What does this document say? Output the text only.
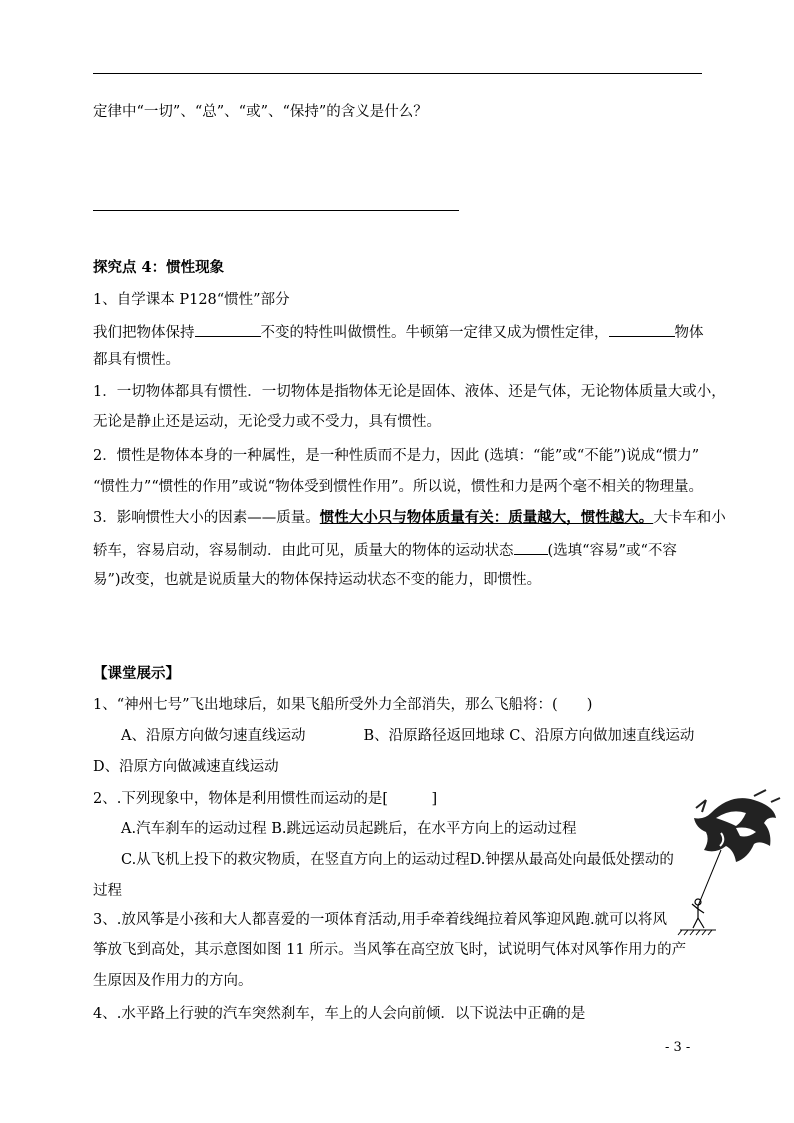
定律中“一切”、“总”、“或”、“保持”的含义是什么？
探究点 4：惯性现象
1、自学课本 P128“惯性”部分
我们把物体保持	不变的特性叫做惯性。牛顿第一定律又成为惯性定律，	物体
都具有惯性。
1．一切物体都具有惯性．一切物体是指物体无论是固体、液体、还是气体，无论物体质量大或小，
无论是静止还是运动，无论受力或不受力，具有惯性。
2．惯性是物体本身的一种属性，是一种性质而不是力，因此 (选填：“能”或“不能”)说成“惯力”
“惯性力”“惯性的作用”或说“物体受到惯性作用”。所以说，惯性和力是两个毫不相关的物理量。
3．影响惯性大小的因素——质量。惯性大小只与物体质量有关：质量越大，惯性越大。大卡车和小
轿车，容易启动，容易制动．由此可见，质量大的物体的运动状态 (选填“容易”或“不容
易”)改变，也就是说质量大的物体保持运动状态不变的能力，即惯性。
【课堂展示】
1、“神州七号”飞出地球后，如果飞船所受外力全部消失，那么飞船将：(　　)
A、沿原方向做匀速直线运动　　　　B、沿原路径返回地球 C、沿原方向做加速直线运动
D、沿原方向做减速直线运动
2、.下列现象中，物体是利用惯性而运动的是[　　　]
A.汽车刹车的运动过程 B.跳远运动员起跳后，在水平方向上的运动过程
C.从飞机上投下的救灾物质，在竖直方向上的运动过程D.钟摆从最高处向最低处摆动的
过程
3、.放风筝是小孩和大人都喜爱的一项体育活动,用手牵着线绳拉着风筝迎风跑.就可以将风
筝放飞到高处，其示意图如图 11 所示。当风筝在高空放飞时，试说明气体对风筝作用力的产
生原因及作用力的方向。
4、.水平路上行驶的汽车突然刹车，车上的人会向前倾．以下说法中正确的是
- 3 -
